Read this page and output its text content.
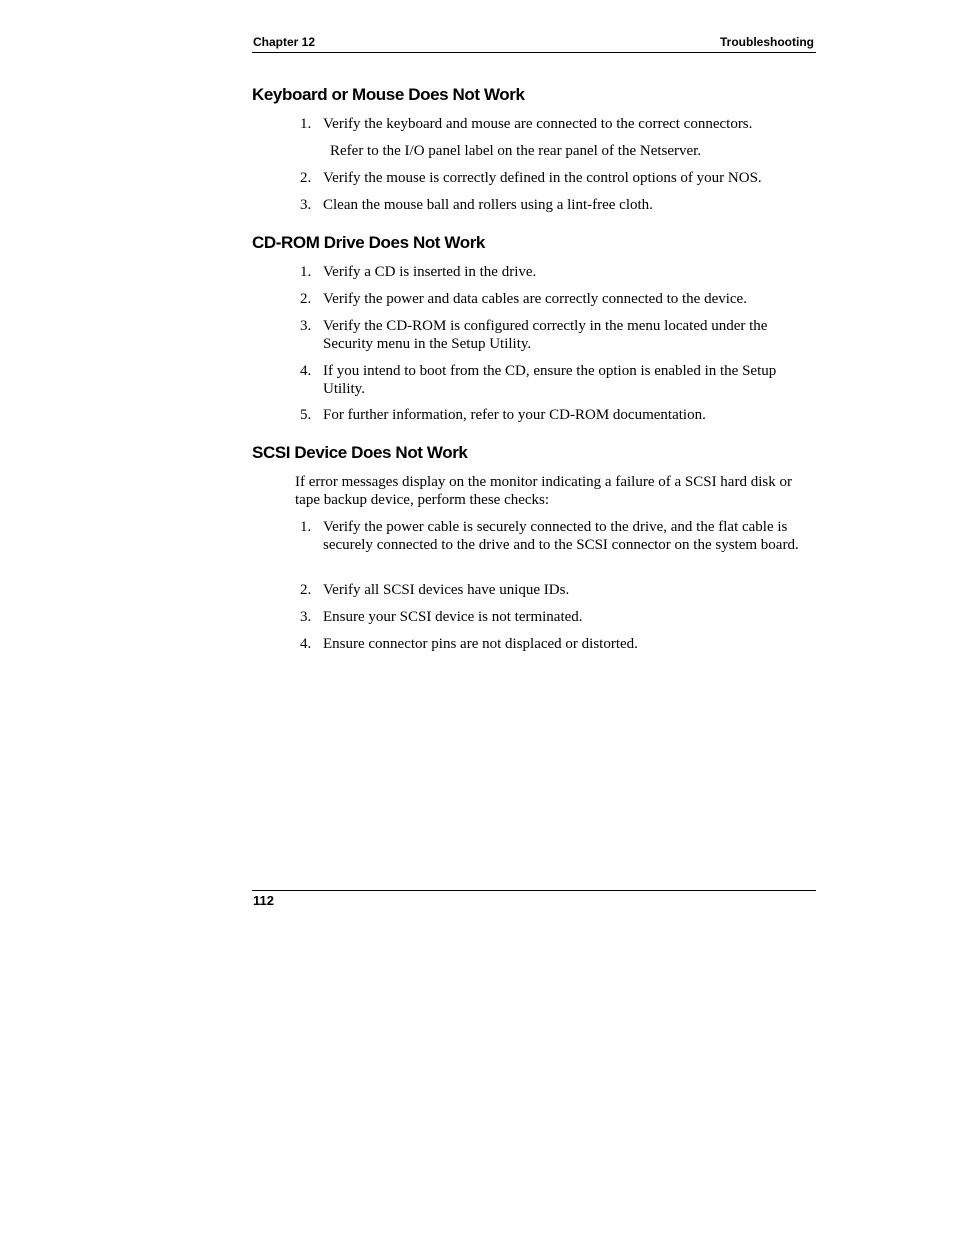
Chapter 12	Troubleshooting
Keyboard or Mouse Does Not Work
1. Verify the keyboard and mouse are connected to the correct connectors.
Refer to the I/O panel label on the rear panel of the Netserver.
2. Verify the mouse is correctly defined in the control options of your NOS.
3. Clean the mouse ball and rollers using a lint-free cloth.
CD-ROM Drive Does Not Work
1. Verify a CD is inserted in the drive.
2. Verify the power and data cables are correctly connected to the device.
3. Verify the CD-ROM is configured correctly in the menu located under the Security menu in the Setup Utility.
4. If you intend to boot from the CD, ensure the option is enabled in the Setup Utility.
5. For further information, refer to your CD-ROM documentation.
SCSI Device Does Not Work
If error messages display on the monitor indicating a failure of a SCSI hard disk or tape backup device, perform these checks:
1. Verify the power cable is securely connected to the drive, and the flat cable is securely connected to the drive and to the SCSI connector on the system board.
2. Verify all SCSI devices have unique IDs.
3. Ensure your SCSI device is not terminated.
4. Ensure connector pins are not displaced or distorted.
112
